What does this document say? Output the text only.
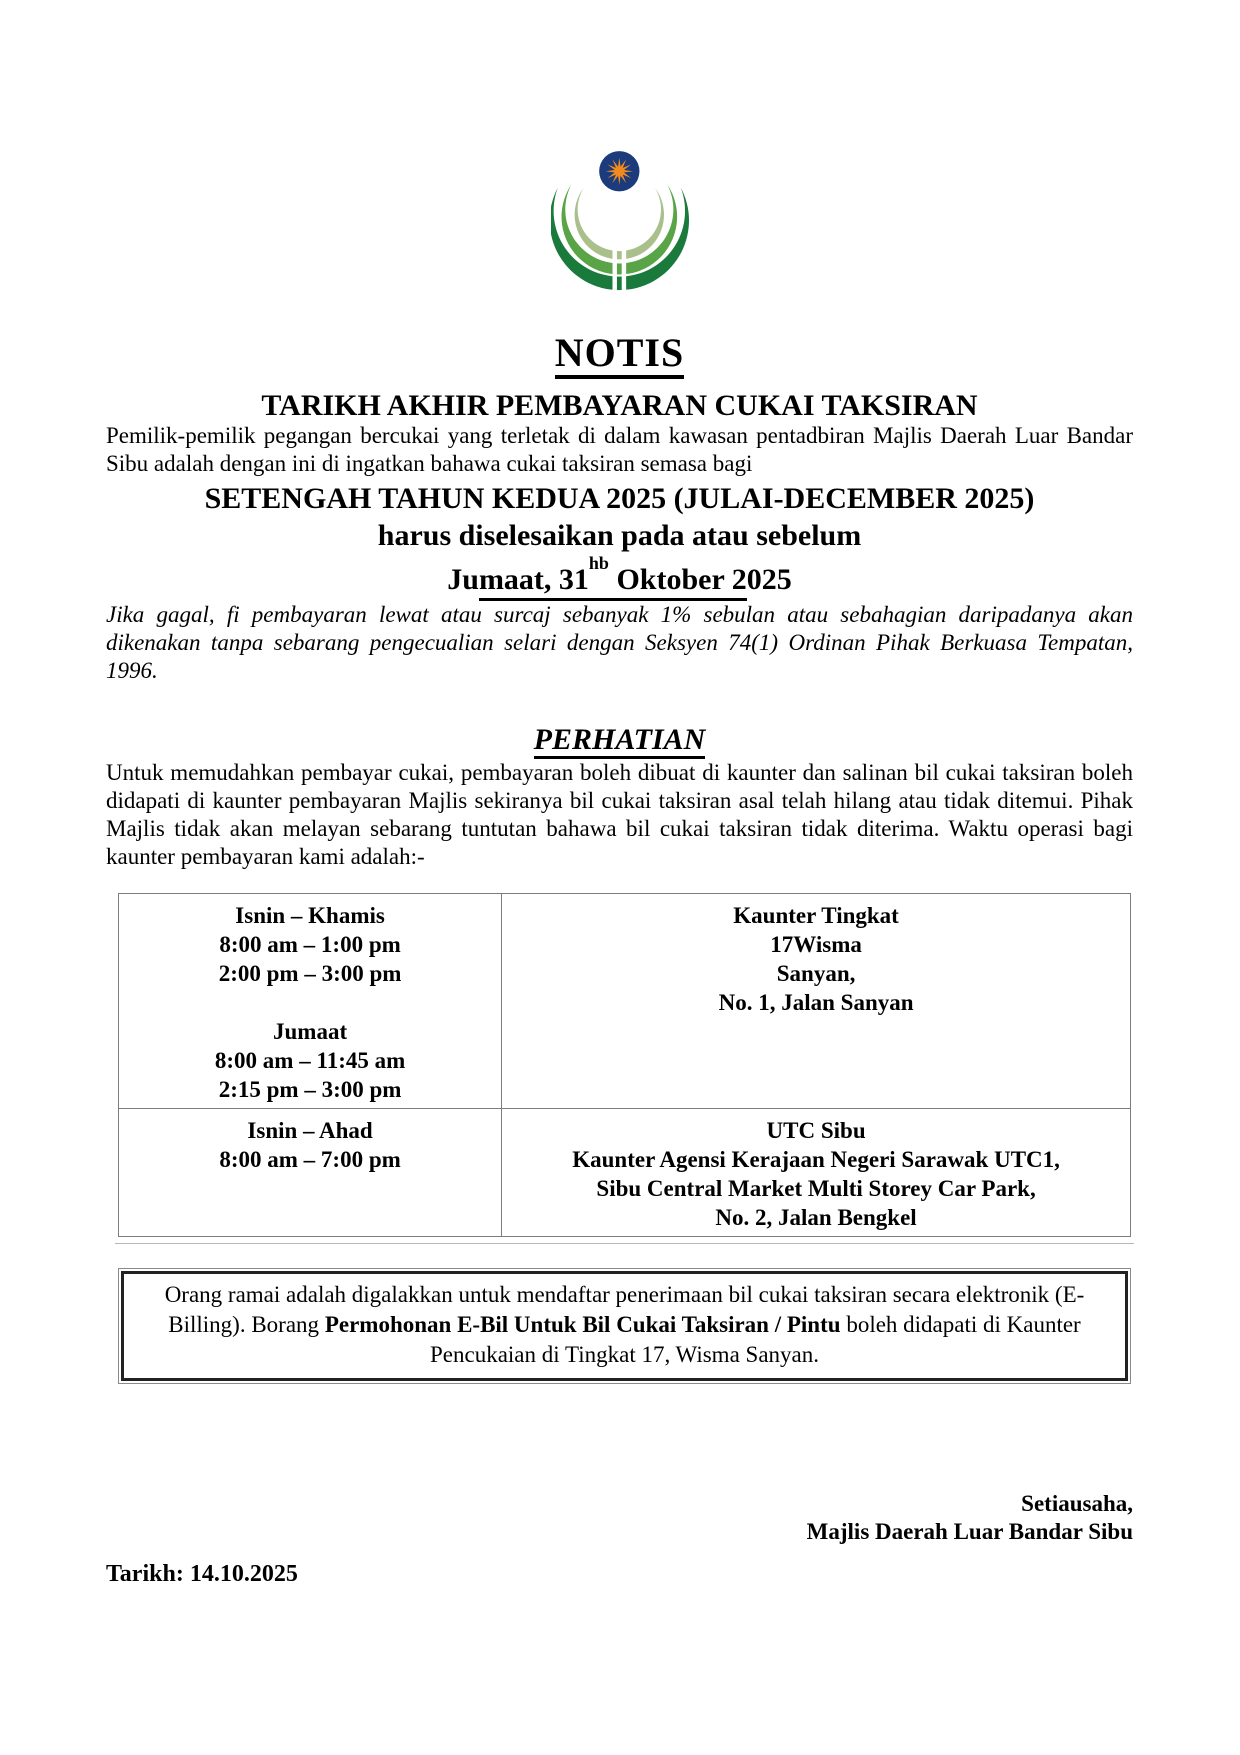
NOTIS
TARIKH AKHIR PEMBAYARAN CUKAI TAKSIRAN

Pemilik-pemilik pegangan bercukai yang terletak di dalam kawasan pentadbiran Majlis Daerah Luar Bandar Sibu adalah dengan ini di ingatkan bahawa cukai taksiran semasa bagi

SETENGAH TAHUN KEDUA 2025 (JULAI-DECEMBER 2025)
harus diselesaikan pada atau sebelum
Jumaat, $31^{hb}$ Oktober 2025

Jika gagal, fi pembayaran lewat atau surcaj sebanyak 1% sebulan atau sebahagian daripadanya akan dikenakan tanpa sebarang pengecualian selari dengan Seksyen 74(1) Ordinan Pihak Berkuasa Tempatan, 1996.

PERHATIAN

Untuk memudahkan pembayar cukai, pembayaran boleh dibuat di kaunter dan salinan bil cukai taksiran boleh didapati di kaunter pembayaran Majlis sekiranya bil cukai taksiran asal telah hilang atau tidak ditemui. Pihak Majlis tidak akan melayan sebarang tuntutan bahawa bil cukai taksiran tidak diterima. Waktu operasi bagi kaunter pembayaran kami adalah:-

Isnin – Khamis
8:00 am – 1:00 pm
2:00 pm – 3:00 pm
Jumaat
8:00 am – 11:45 am
2:15 pm – 3:00 pm
Kaunter Tingkat
17Wisma
Sanyan,
No. 1, Jalan Sanyan
Isnin – Ahad
8:00 am – 7:00 pm
UTC Sibu
Kaunter Agensi Kerajaan Negeri Sarawak UTC1,
Sibu Central Market Multi Storey Car Park,
No. 2, Jalan Bengkel
Orang ramai adalah digalakkan untuk mendaftar penerimaan bil cukai taksiran secara elektronik (E-Billing). Borang Permohonan E-Bil Untuk Bil Cukai Taksiran / Pintu boleh didapati di Kaunter Pencukaian di Tingkat 17, Wisma Sanyan.
Setiausaha,
Majlis Daerah Luar Bandar Sibu
Tarikh: 14.10.2025
